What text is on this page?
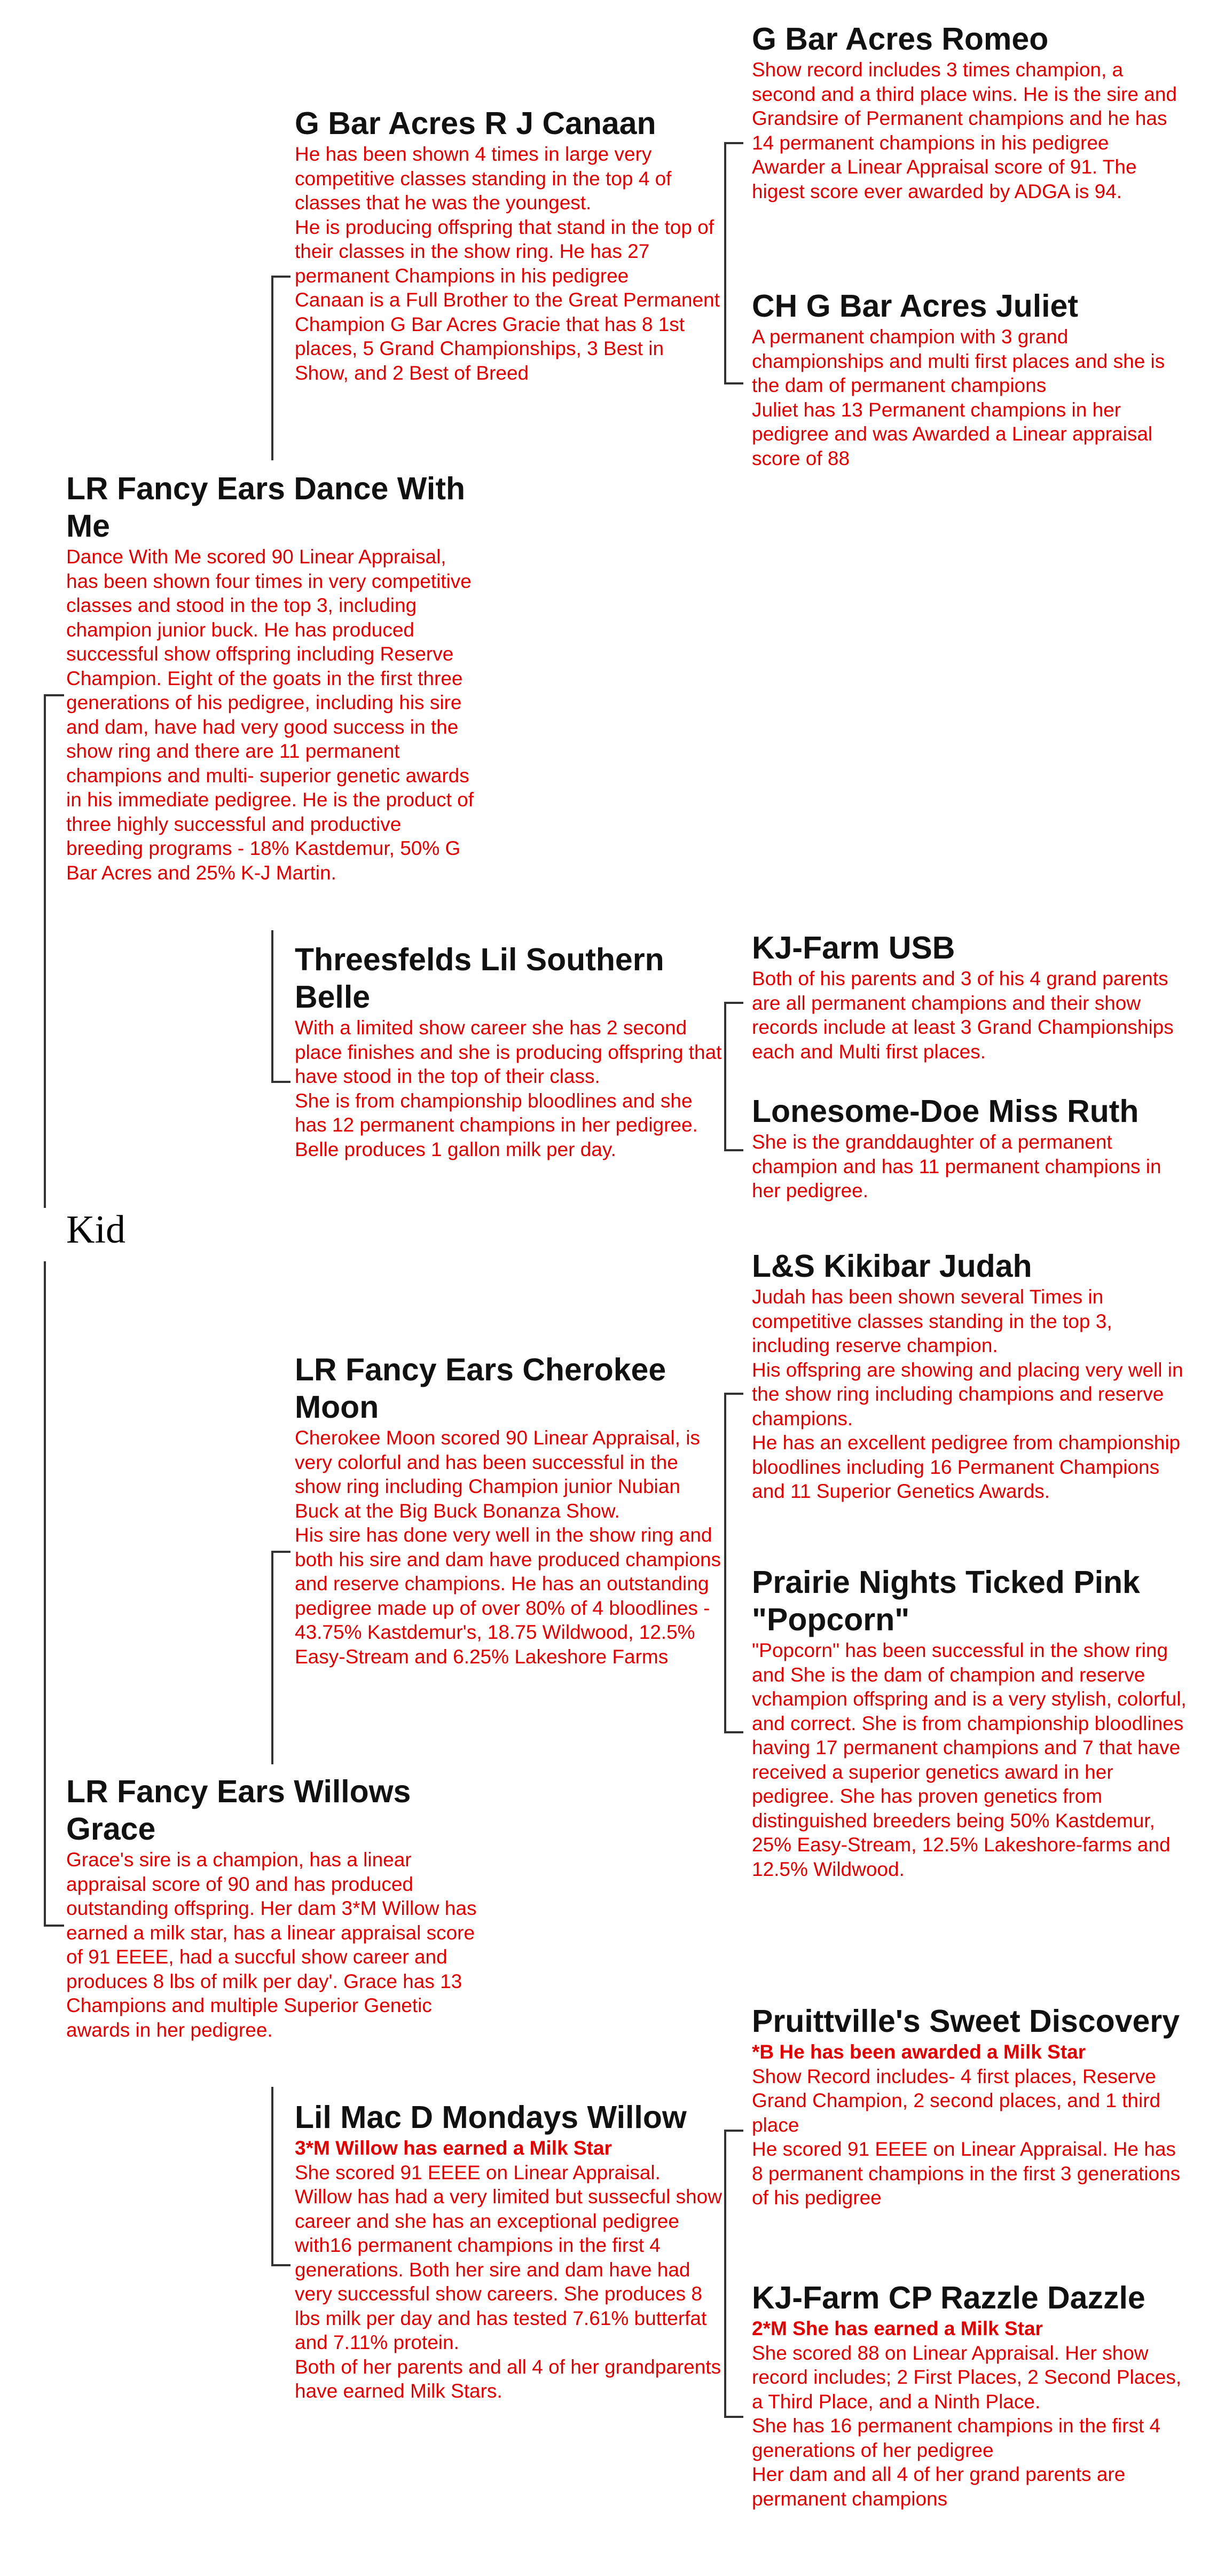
Kid
G Bar Acres Romeo

Show record includes 3 times champion, a second and a third place wins. He is the sire and Grandsire of Permanent champions and he has 14 permanent champions in his pedigree

Awarder a Linear Appraisal score of 91. The higest score ever awarded by ADGA is 94.

G Bar Acres R J Canaan

He has been shown 4 times in large very competitive classes standing in the top 4 of classes that he was the youngest.

He is producing offspring that stand in the top of their classes in the show ring. He has 27 permanent Champions in his pedigree

Canaan is a Full Brother to the Great Permanent Champion G Bar Acres Gracie that has 8 1st places, 5 Grand Championships, 3 Best in Show, and 2 Best of Breed

CH G Bar Acres Juliet

A permanent champion with 3 grand championships and multi first places and she is the dam of permanent champions

Juliet has 13 Permanent champions in her pedigree and was Awarded a Linear appraisal score of 88

LR Fancy Ears Dance With Me

Dance With Me scored 90 Linear Appraisal, has been shown four times in very competitive classes and stood in the top 3, including champion junior buck. He has produced successful show offspring including Reserve Champion. Eight of the goats in the first three generations of his pedigree, including his sire and dam, have had very good success in the show ring and there are 11 permanent champions and multi- superior genetic awards in his immediate pedigree. He is the product of three highly successful and productive breeding programs - 18% Kastdemur, 50% G Bar Acres and 25% K-J Martin.

Threesfelds Lil Southern Belle

With a limited show career she has 2 second place finishes and she is producing offspring that have stood in the top of their class.

She is from championship bloodlines and she has 12 permanent champions in her pedigree. Belle produces 1 gallon milk per day.

KJ-Farm USB

Both of his parents and 3 of his 4 grand parents are all permanent champions and their show records include at least 3 Grand Championships each and Multi first places.

Lonesome-Doe Miss Ruth

She is the granddaughter of a permanent champion and has 11 permanent champions in her pedigree.

L&S Kikibar Judah

Judah has been shown several Times in competitive classes standing in the top 3, including reserve champion.

His offspring are showing and placing very well in the show ring including champions and reserve champions.

He has an excellent pedigree from championship bloodlines including 16 Permanent Champions and 11 Superior Genetics Awards.

LR Fancy Ears Cherokee Moon

Cherokee Moon scored 90 Linear Appraisal, is very colorful and has been successful in the show ring including Champion junior Nubian Buck at the Big Buck Bonanza Show.

His sire has done very well in the show ring and both his sire and dam have produced champions and reserve champions. He has an outstanding pedigree made up of over 80% of 4 bloodlines - 43.75% Kastdemur's, 18.75 Wildwood, 12.5% Easy-Stream and 6.25% Lakeshore Farms

Prairie Nights Ticked Pink "Popcorn"

"Popcorn" has been successful in the show ring and She is the dam of champion and reserve vchampion offspring and is a very stylish, colorful, and correct. She is from championship bloodlines having 17 permanent champions and 7 that have received a superior genetics award in her pedigree. She has proven genetics from distinguished breeders being 50% Kastdemur, 25% Easy-Stream, 12.5% Lakeshore-farms and 12.5% Wildwood.

LR Fancy Ears Willows Grace

Grace's sire is a champion, has a linear appraisal score of 90 and has produced outstanding offspring. Her dam 3*M Willow has earned a milk star, has a linear appraisal score of 91 EEEE, had a succful show career and produces 8 lbs of milk per day'. Grace has 13 Champions and multiple Superior Genetic awards in her pedigree.	Pruittville's Sweet Discovery

*B He has been awarded a Milk Star

Show Record includes- 4 first places, Reserve Grand Champion, 2 second places, and 1 third place

He scored 91 EEEE on Linear Appraisal. He has 8 permanent champions in the first 3 generations of his pedigree

Lil Mac D Mondays Willow

3*M Willow has earned a Milk Star

She scored 91 EEEE on Linear Appraisal. Willow has had a very limited but sussecful show career and she has an exceptional pedigree with16 permanent champions in the first 4 generations. Both her sire and dam have had very successful show careers. She produces 8 lbs milk per day and has tested 7.61% butterfat and 7.11% protein.

Both of her parents and all 4 of her grandparents have earned Milk Stars.

KJ-Farm CP Razzle Dazzle

2*M She has earned a Milk Star

She scored 88 on Linear Appraisal. Her show record includes; 2 First Places, 2 Second Places, a Third Place, and a Ninth Place.

She has 16 permanent champions in the first 4 generations of her pedigree

Her dam and all 4 of her grand parents are permanent champions
